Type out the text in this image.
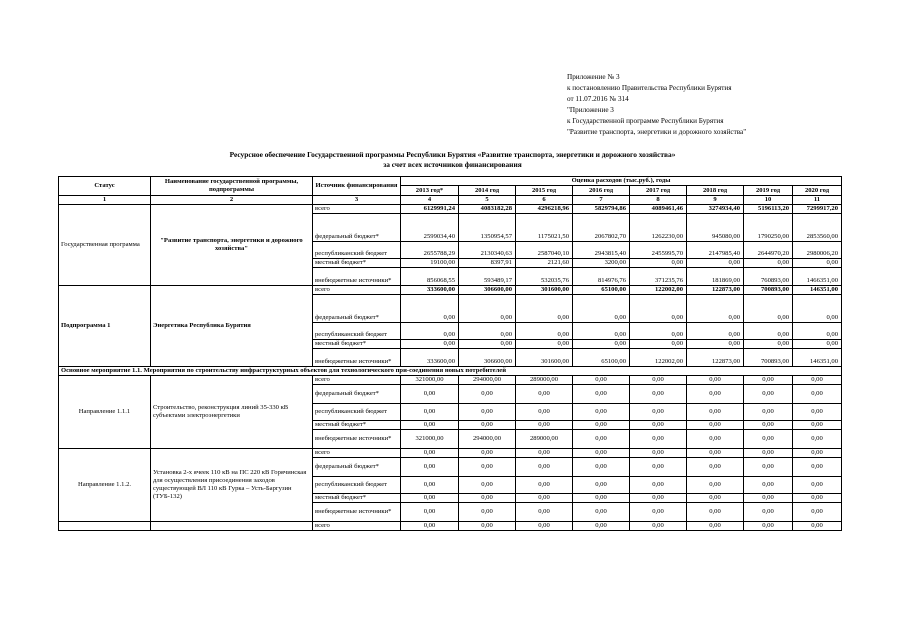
Приложение № 3
к постановлению Правительства Республики Бурятия
от 11.07.2016 № 314
"Приложение 3
к Государственной программе Республики Бурятия
"Развитие транспорта, энергетики и дорожного хозяйства"
Ресурсное обеспечение Государственной программы Республики Бурятия «Развитие транспорта, энергетики и дорожного хозяйства»
за счет всех источников финансирования
Статус	Наименование государственной программы, подпрограммы	Источник финансирования	Оценка расходов (тыс.руб.), годы							
			2013 год*	2014 год	2015 год	2016 год	2017 год	2018 год	2019 год	2020 год
1	2	3	4	5	6	7	8	9	10	11
Государственная программа	"Развитие транспорта, энергетики и дорожного хозяйства"	всего	6129991,24	4083182,28	4296218,96	5829794,86	4089461,46	3274934,40	5196113,20	7299917,20
		федеральный бюджет*	2599034,40	1350954,57	1175021,50	2067802,70	1262230,00	945080,00	1790250,00	2853560,00
		республиканский бюджет	2655788,29	2130340,63	2587040,10	2943815,40	2455995,70	2147985,40	2644970,20	2980006,20
		местный бюджет*	19100,00	8397,91	2121,60	3200,00	0,00	0,00	0,00	0,00
		внебюджетные источники*	856068,55	593489,17	532035,76	814976,76	371235,76	181869,00	760893,00	1466351,00
Подпрограмма 1	Энергетика Республика Бурятия	всего	333600,00	306600,00	301600,00	65100,00	122002,00	122873,00	700893,00	146351,00
		федеральный бюджет*	0,00	0,00	0,00	0,00	0,00	0,00	0,00	0,00
		республиканский бюджет	0,00	0,00	0,00	0,00	0,00	0,00	0,00	0,00
		местный бюджет*	0,00	0,00	0,00	0,00	0,00	0,00	0,00	0,00
		внебюджетные источники*	333600,00	306600,00	301600,00	65100,00	122002,00	122873,00	700893,00	146351,00
Основное мероприятие 1.1. Мероприятия по строительству инфраструктурных объектов для технологического при-соединения новых потребителей										
Направление 1.1.1	Строительство, реконструкция линий 35-330 кВ субъектами электроэнергетики	всего	321000,00	294000,00	289000,00	0,00	0,00	0,00	0,00	0,00
		федеральный бюджет*	0,00	0,00	0,00	0,00	0,00	0,00	0,00	0,00
		республиканский бюджет	0,00	0,00	0,00	0,00	0,00	0,00	0,00	0,00
		местный бюджет*	0,00	0,00	0,00	0,00	0,00	0,00	0,00	0,00
		внебюджетные источники*	321000,00	294000,00	289000,00	0,00	0,00	0,00	0,00	0,00
Направление 1.1.2.	Установка 2-х ячеек 110 кВ на ПС 220 кВ Горячинская для осуществления присоединения заходов существующей ВЛ 110 кВ Гурка – Усть-Баргузин (ТУБ-132)	всего	0,00	0,00	0,00	0,00	0,00	0,00	0,00	0,00
		федеральный бюджет*	0,00	0,00	0,00	0,00	0,00	0,00	0,00	0,00
		республиканский бюджет	0,00	0,00	0,00	0,00	0,00	0,00	0,00	0,00
		местный бюджет*	0,00	0,00	0,00	0,00	0,00	0,00	0,00	0,00
		внебюджетные источники*	0,00	0,00	0,00	0,00	0,00	0,00	0,00	0,00
		всего	0,00	0,00	0,00	0,00	0,00	0,00	0,00	0,00
